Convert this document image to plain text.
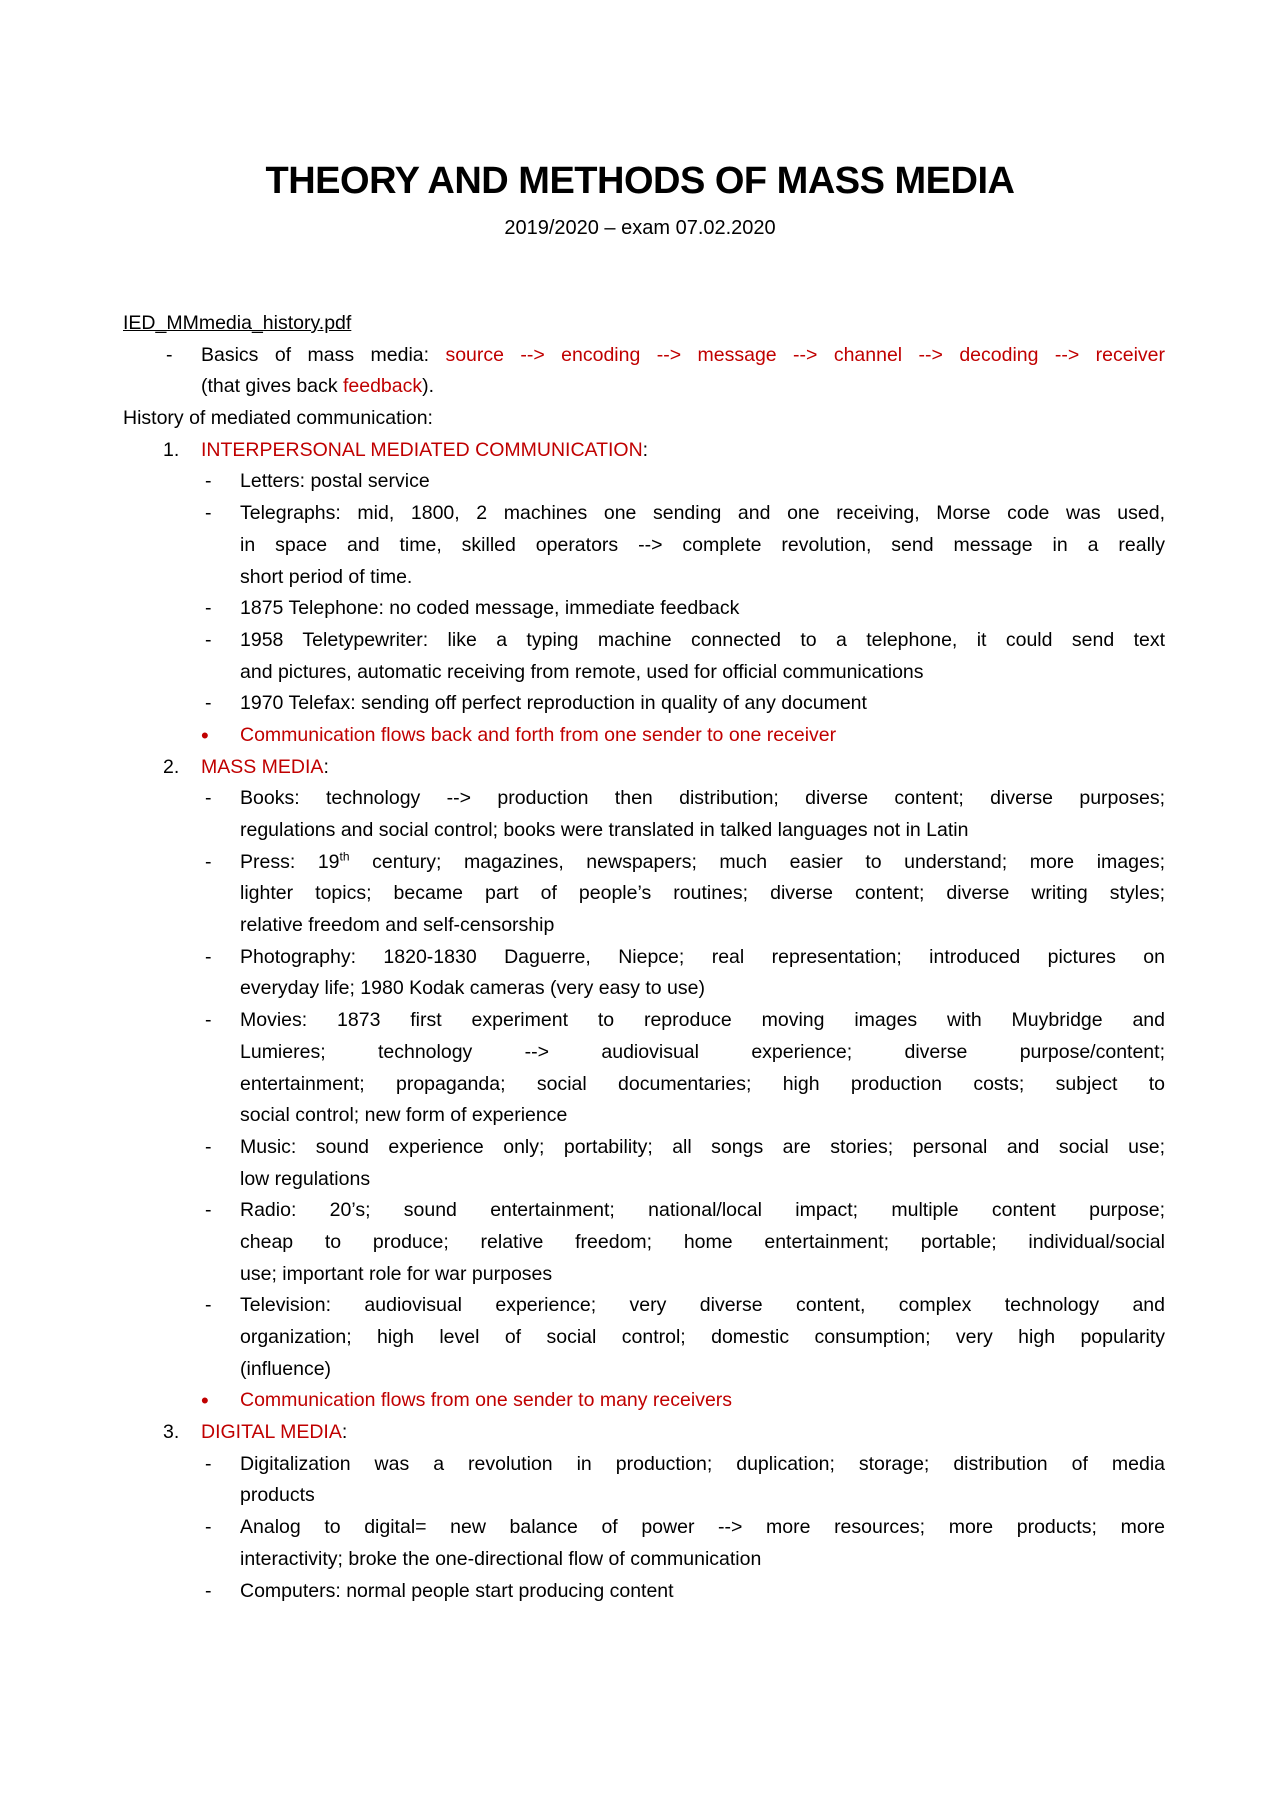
THEORY AND METHODS OF MASS MEDIA
2019/2020 – exam 07.02.2020
IED_MMmedia_history.pdf
- Basics of mass media: source --> encoding --> message --> channel --> decoding --> receiver
(that gives back feedback).
History of mediated communication:
1. INTERPERSONAL MEDIATED COMMUNICATION:
- Letters: postal service
- Telegraphs: mid, 1800, 2 machines one sending and one receiving, Morse code was used,
in space and time, skilled operators --> complete revolution, send message in a really
short period of time.
- 1875 Telephone: no coded message, immediate feedback
- 1958 Teletypewriter: like a typing machine connected to a telephone, it could send text
and pictures, automatic receiving from remote, used for official communications
- 1970 Telefax: sending off perfect reproduction in quality of any document
• Communication flows back and forth from one sender to one receiver
2. MASS MEDIA:
- Books: technology --> production then distribution; diverse content; diverse purposes;
regulations and social control; books were translated in talked languages not in Latin
- Press: 19th century; magazines, newspapers; much easier to understand; more images;
lighter topics; became part of people’s routines; diverse content; diverse writing styles;
relative freedom and self-censorship
- Photography: 1820-1830 Daguerre, Niepce; real representation; introduced pictures on
everyday life; 1980 Kodak cameras (very easy to use)
- Movies: 1873 first experiment to reproduce moving images with Muybridge and
Lumieres; technology --> audiovisual experience; diverse purpose/content;
entertainment; propaganda; social documentaries; high production costs; subject to
social control; new form of experience
- Music: sound experience only; portability; all songs are stories; personal and social use;
low regulations
- Radio: 20’s; sound entertainment; national/local impact; multiple content purpose;
cheap to produce; relative freedom; home entertainment; portable; individual/social
use; important role for war purposes
- Television: audiovisual experience; very diverse content, complex technology and
organization; high level of social control; domestic consumption; very high popularity
(influence)
• Communication flows from one sender to many receivers
3. DIGITAL MEDIA:
- Digitalization was a revolution in production; duplication; storage; distribution of media
products
- Analog to digital= new balance of power --> more resources; more products; more
interactivity; broke the one-directional flow of communication
- Computers: normal people start producing content
